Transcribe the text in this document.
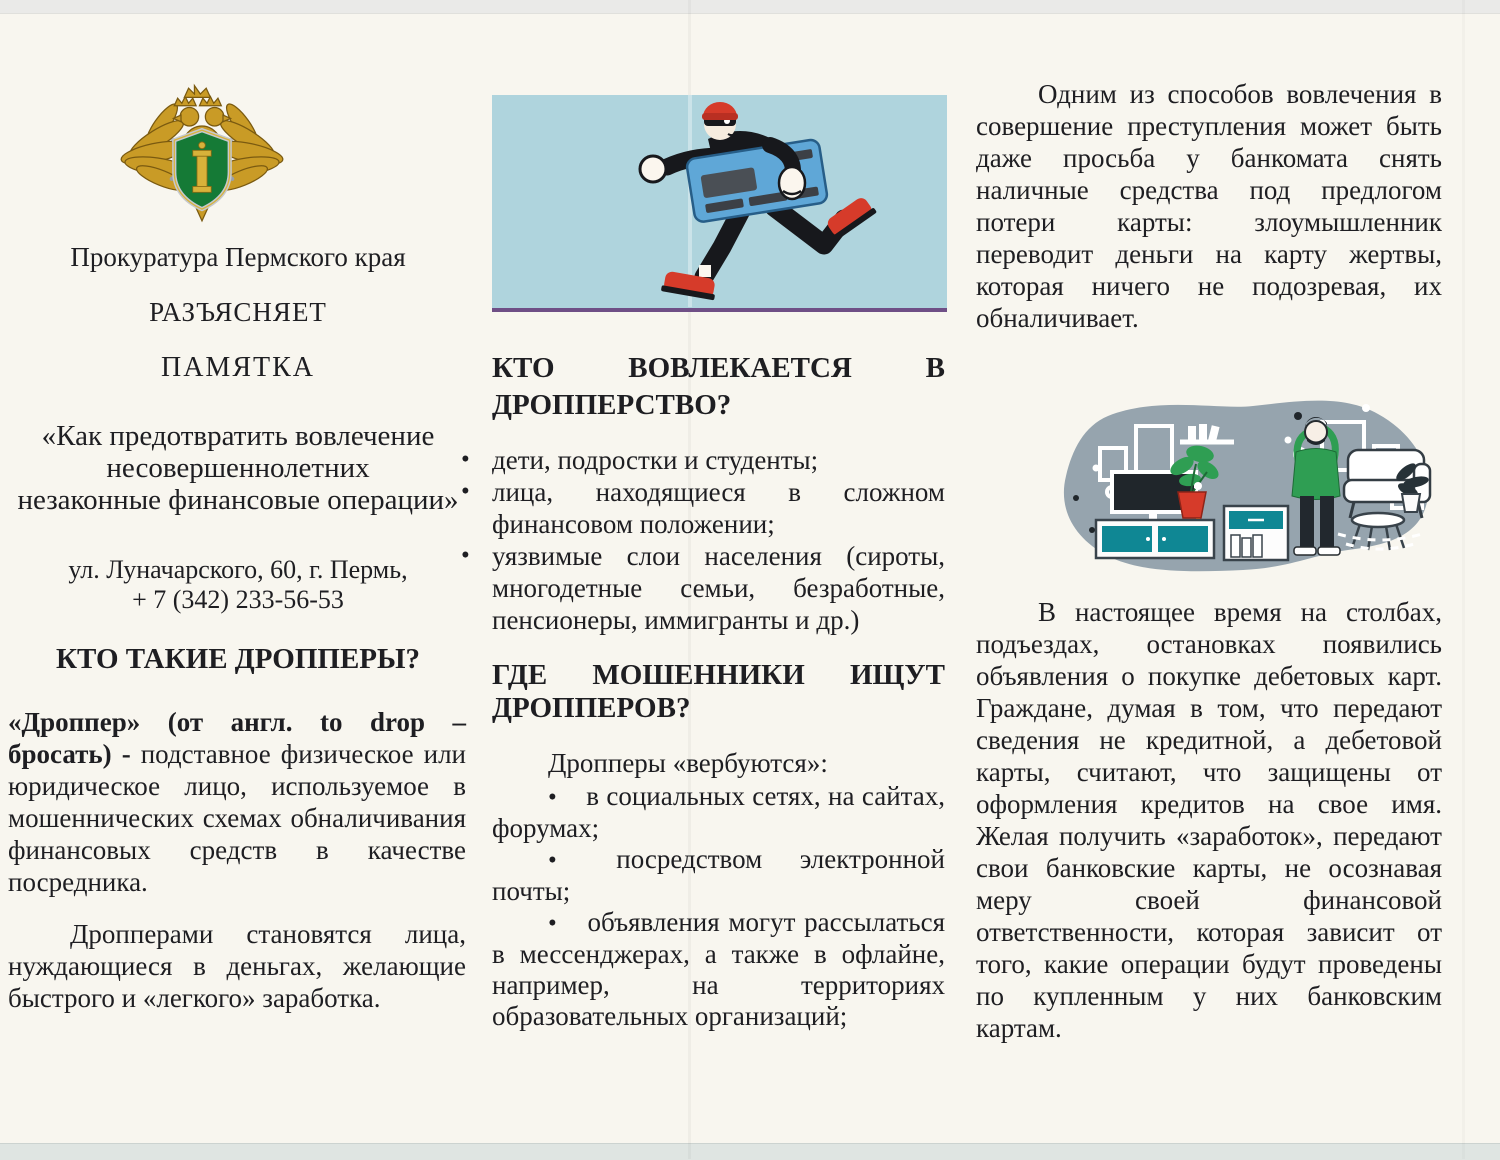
Прокуратура Пермского края
РАЗЪЯСНЯЕТ
ПАМЯТКА
«Как предотвратить вовлечение
несовершеннолетних
незаконные финансовые операции»
ул. Луначарского, 60, г. Пермь,
+ 7 (342) 233-56-53
КТО ТАКИЕ ДРОППЕРЫ?

«Дроппер» (от англ. to drop – бросать) - подставное физическое или юридическое лицо, используемое в мошеннических схемах обналичивания финансовых средств в качестве посредника.

Дропперами становятся лица, нуждающиеся в деньгах, желающие быстрого и «легкого» заработка.

КТО ВОВЛЕКАЕТСЯ В
ДРОППЕРСТВО?
• дети, подростки и студенты;
• лица, находящиеся в сложном финансовом положении;
• уязвимые слои населения (сироты, многодетные семьи, безработные, пенсионеры, иммигранты и др.)
ГДЕ МОШЕННИКИ ИЩУТ
ДРОППЕРОВ?

Дропперы «вербуются»:

• в социальных сетях, на сайтах, форумах;

• посредством электронной почты;

• объявления могут рассылаться в мессенджерах, а также в офлайне, например, на территориях образовательных организаций;

Одним из способов вовлечения в совершение преступления может быть даже просьба у банкомата снять наличные средства под предлогом потери карты: злоумышленник переводит деньги на карту жертвы, которая ничего не подозревая, их обналичивает.

В настоящее время на столбах, подъездах, остановках появились объявления о покупке дебетовых карт. Граждане, думая в том, что передают сведения не кредитной, а дебетовой карты, считают, что защищены от оформления кредитов на свое имя. Желая получить «заработок», передают свои банковские карты, не осознавая меру своей финансовой ответственности, которая зависит от того, какие операции будут проведены по купленным у них банковским картам.
